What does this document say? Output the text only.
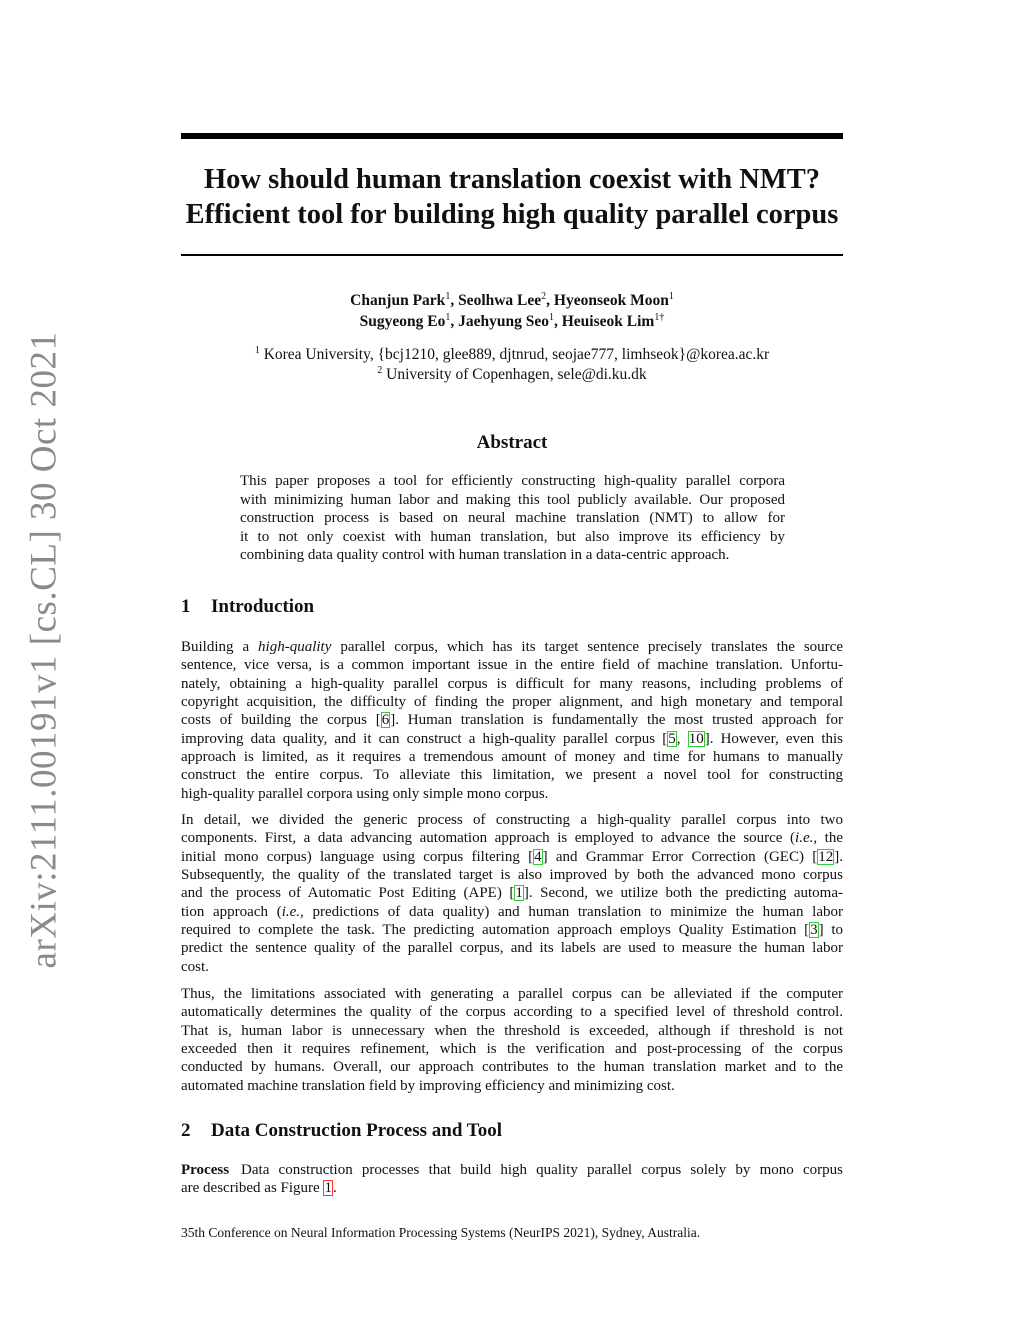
arXiv:2111.00191v1 [cs.CL] 30 Oct 2021
How should human translation coexist with NMT?
Efficient tool for building high quality parallel corpus
Chanjun Park$^1$, Seolhwa Lee$^2$, Hyeonseok Moon$^1$
Sugyeong Eo$^1$, Jaehyung Seo$^1$, Heuiseok Lim$^{1\dagger}$
$^1$ Korea University, {bcj1210, glee889, djtnrud, seojae777, limhseok}@korea.ac.kr
$^2$ University of Copenhagen, sele@di.ku.dk
Abstract
This paper proposes a tool for efficiently constructing high-quality parallel corpora
with minimizing human labor and making this tool publicly available. Our proposed
construction process is based on neural machine translation (NMT) to allow for
it to not only coexist with human translation, but also improve its efficiency by
combining data quality control with human translation in a data-centric approach.
1 Introduction
Building a high-quality parallel corpus, which has its target sentence precisely translates the source
sentence, vice versa, is a common important issue in the entire field of machine translation. Unfortu-
nately, obtaining a high-quality parallel corpus is difficult for many reasons, including problems of
copyright acquisition, the difficulty of finding the proper alignment, and high monetary and temporal
costs of building the corpus [6]. Human translation is fundamentally the most trusted approach for
improving data quality, and it can construct a high-quality parallel corpus [5, 10]. However, even this
approach is limited, as it requires a tremendous amount of money and time for humans to manually
construct the entire corpus. To alleviate this limitation, we present a novel tool for constructing
high-quality parallel corpora using only simple mono corpus.
In detail, we divided the generic process of constructing a high-quality parallel corpus into two
components. First, a data advancing automation approach is employed to advance the source (i.e., the
initial mono corpus) language using corpus filtering [4] and Grammar Error Correction (GEC) [12].
Subsequently, the quality of the translated target is also improved by both the advanced mono corpus
and the process of Automatic Post Editing (APE) [1]. Second, we utilize both the predicting automa-
tion approach (i.e., predictions of data quality) and human translation to minimize the human labor
required to complete the task. The predicting automation approach employs Quality Estimation [3] to
predict the sentence quality of the parallel corpus, and its labels are used to measure the human labor
cost.
Thus, the limitations associated with generating a parallel corpus can be alleviated if the computer
automatically determines the quality of the corpus according to a specified level of threshold control.
That is, human labor is unnecessary when the threshold is exceeded, although if threshold is not
exceeded then it requires refinement, which is the verification and post-processing of the corpus
conducted by humans. Overall, our approach contributes to the human translation market and to the
automated machine translation field by improving efficiency and minimizing cost.
2 Data Construction Process and Tool
Process Data construction processes that build high quality parallel corpus solely by mono corpus
are described as Figure 1.
35th Conference on Neural Information Processing Systems (NeurIPS 2021), Sydney, Australia.
